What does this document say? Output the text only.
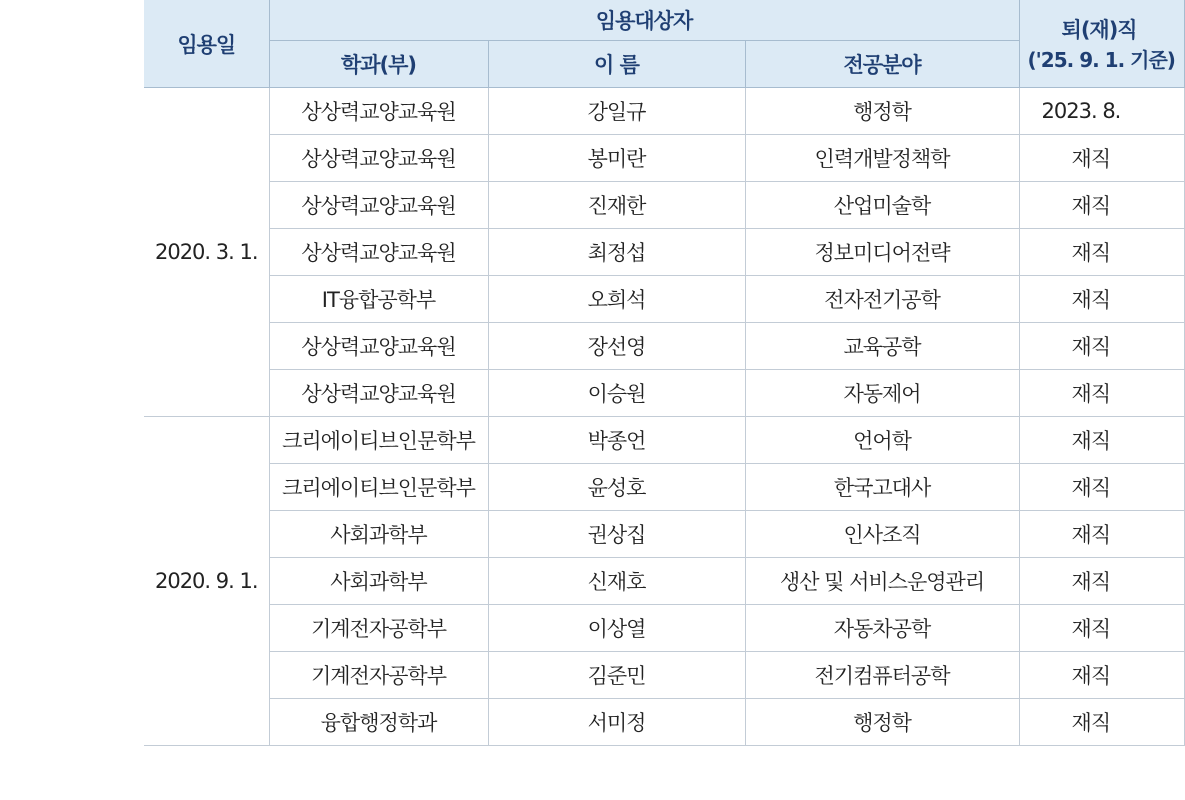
임용일	임용대상자			퇴(재)직
('25. 9. 1. 기준)

	학과(부)	이 름	전공분야	
2020. 3. 1.	상상력교양교육원	강일규	행정학	2023. 8.
	상상력교양교육원	봉미란	인력개발정책학	재직
	상상력교양교육원	진재한	산업미술학	재직
	상상력교양교육원	최정섭	정보미디어전략	재직
	IT융합공학부	오희석	전자전기공학	재직
	상상력교양교육원	장선영	교육공학	재직
	상상력교양교육원	이승원	자동제어	재직
2020. 9. 1.	크리에이티브인문학부	박종언	언어학	재직
	크리에이티브인문학부	윤성호	한국고대사	재직
	사회과학부	권상집	인사조직	재직
	사회과학부	신재호	생산 및 서비스운영관리	재직
	기계전자공학부	이상열	자동차공학	재직
	기계전자공학부	김준민	전기컴퓨터공학	재직
	융합행정학과	서미정	행정학	재직
